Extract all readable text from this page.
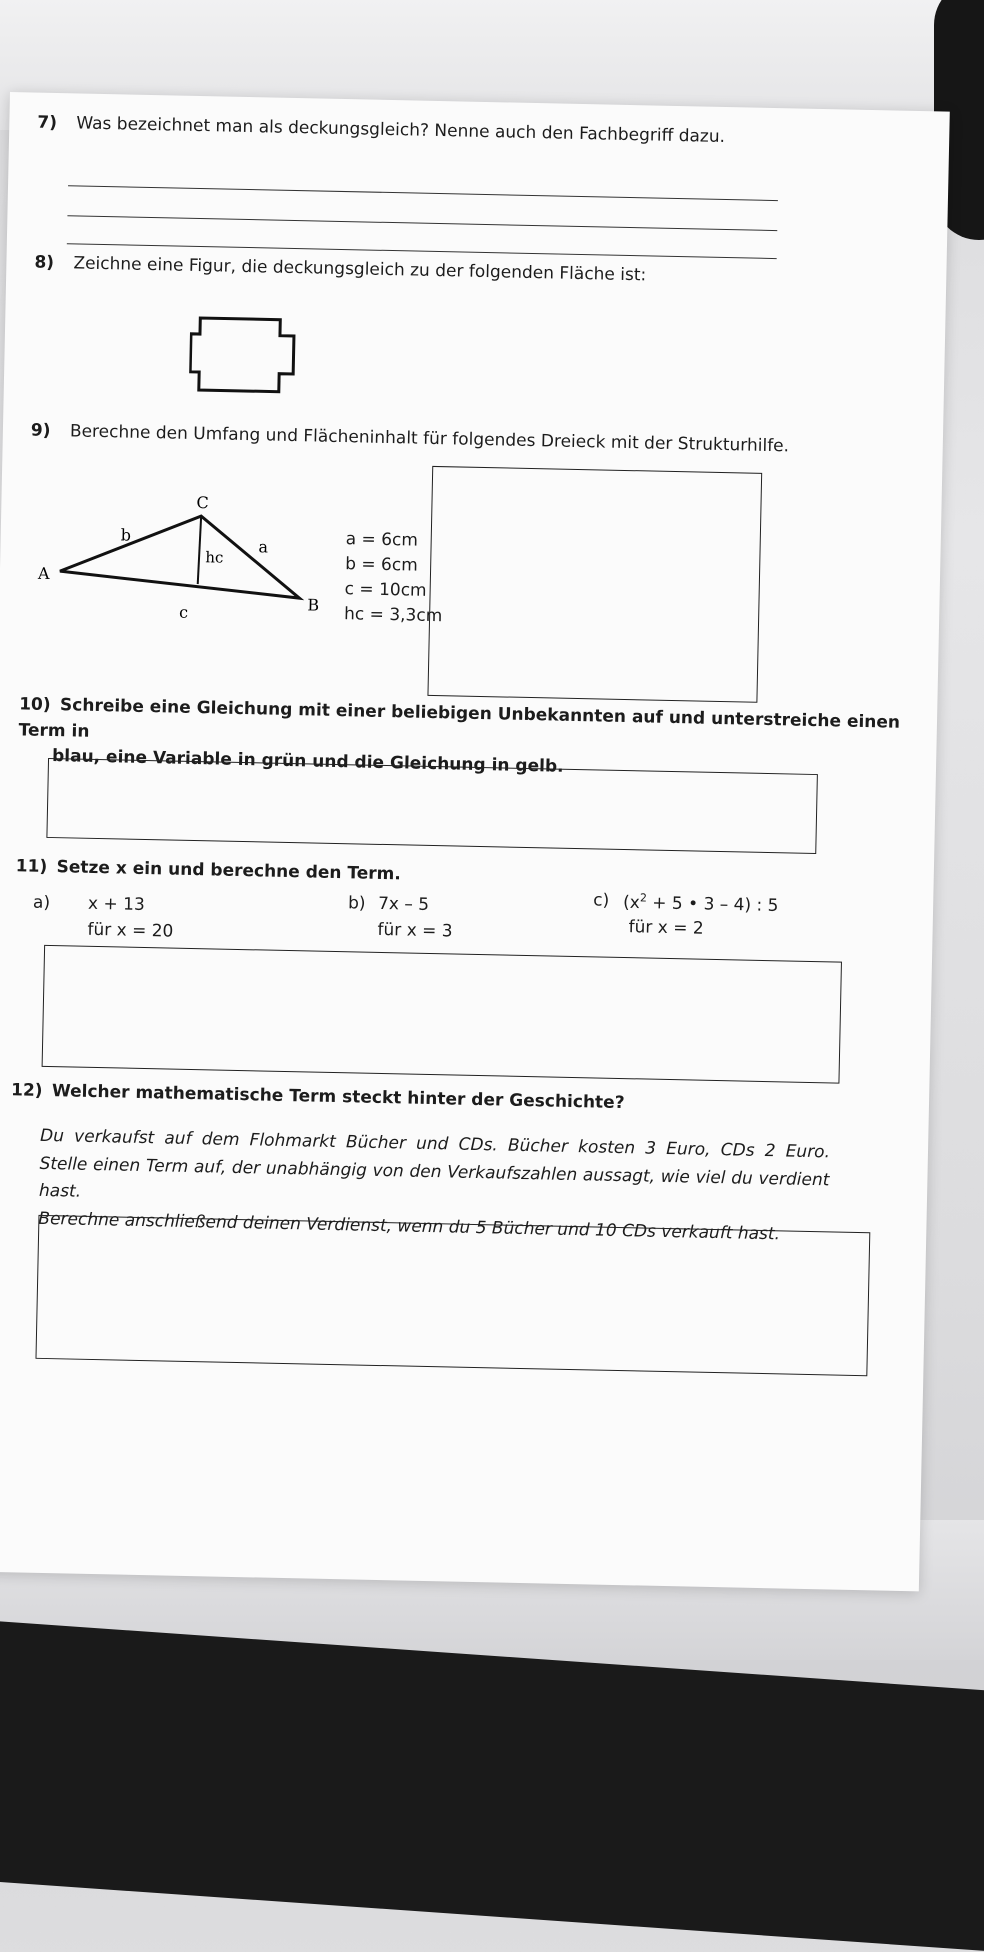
7) Was bezeichnet man als deckungsgleich? Nenne auch den Fachbegriff dazu.
8) Zeichne eine Figur, die deckungsgleich zu der folgenden Fläche ist:
9) Berechne den Umfang und Flächeninhalt für folgendes Dreieck mit der Strukturhilfe.
C
A
B
b
a
c
hc
a = 6cm
b = 6cm
c = 10cm
hc = 3,3cm
10) Schreibe eine Gleichung mit einer beliebigen Unbekannten auf und unterstreiche einen Term in
blau, eine Variable in grün und die Gleichung in gelb.
11) Setze x ein und berechne den Term.
a) x + 13
für x = 20
b) 7x – 5
für x = 3
c) ($x^2 + 5$ • 3 – 4) : 5
für x = 2
12) Welcher mathematische Term steckt hinter der Geschichte?
Du verkaufst auf dem Flohmarkt Bücher und CDs. Bücher kosten 3 Euro, CDs 2 Euro.
Stelle einen Term auf, der unabhängig von den Verkaufszahlen aussagt, wie viel du verdient hast.
Berechne anschließend deinen Verdienst, wenn du 5 Bücher und 10 CDs verkauft hast.
